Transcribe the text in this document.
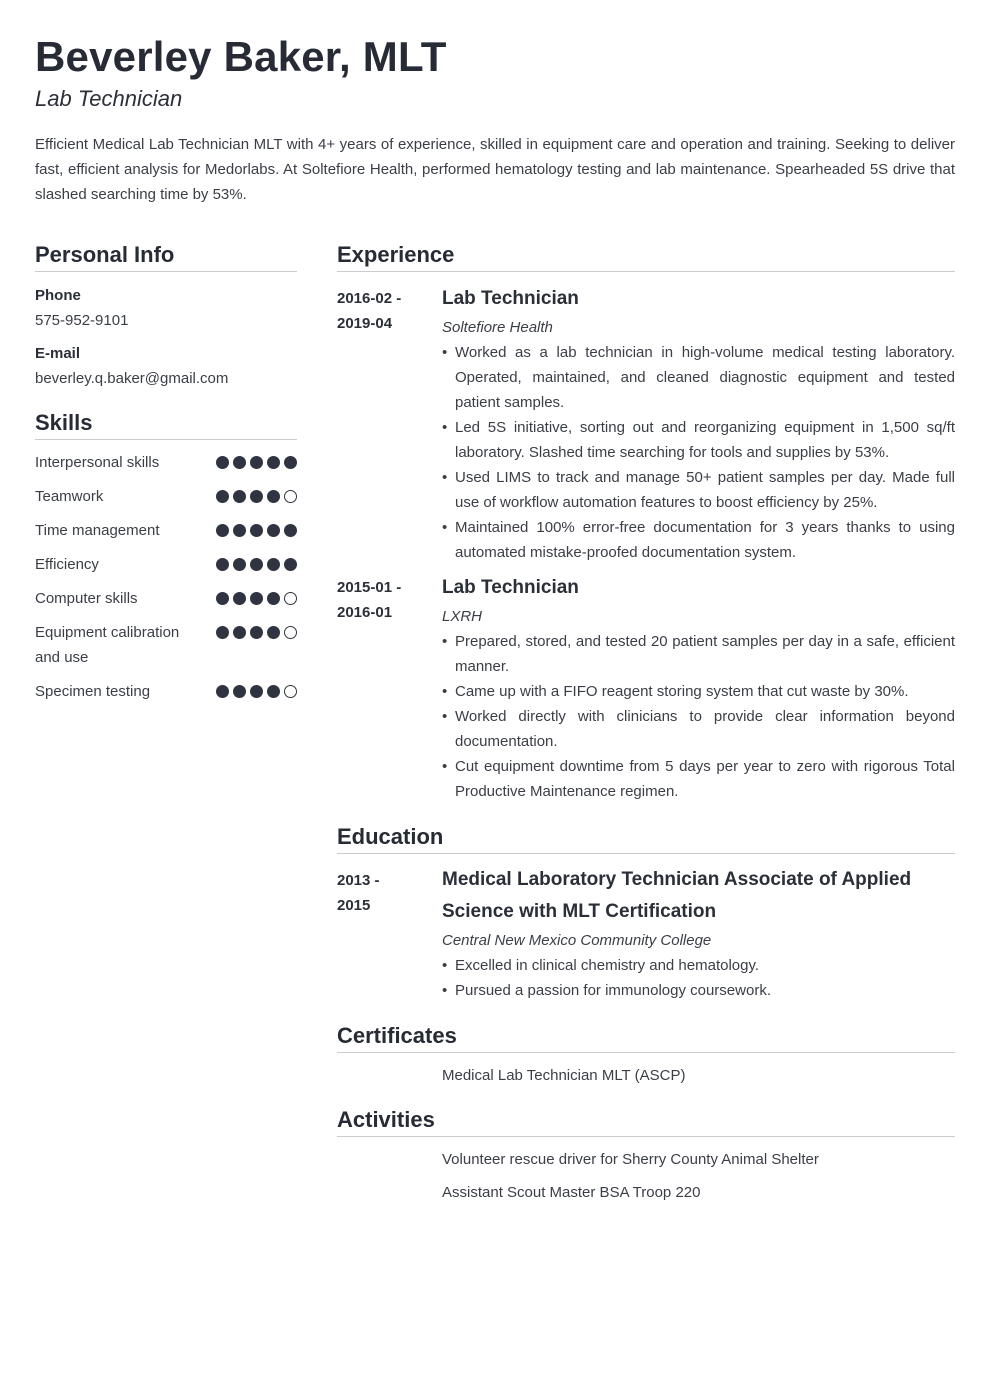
Beverley Baker, MLT
Lab Technician
Efficient Medical Lab Technician MLT with 4+ years of experience, skilled in equipment care and operation and training. Seeking to deliver fast, efficient analysis for Medorlabs. At Soltefiore Health, performed hematology testing and lab maintenance. Spearheaded 5S drive that slashed searching time by 53%.
Personal Info
Phone
575-952-9101
E-mail
beverley.q.baker@gmail.com
Skills
Interpersonal skills
Teamwork
Time management
Efficiency
Computer skills
Equipment calibration and use
Specimen testing
Experience
2016-02 -
2019-04
Lab Technician
Soltefiore Health
• Worked as a lab technician in high-volume medical testing laboratory. Operated, maintained, and cleaned diagnostic equipment and tested patient samples.
• Led 5S initiative, sorting out and reorganizing equipment in 1,500 sq/ft laboratory. Slashed time searching for tools and supplies by 53%.
• Used LIMS to track and manage 50+ patient samples per day. Made full use of workflow automation features to boost efficiency by 25%.
• Maintained 100% error-free documentation for 3 years thanks to using automated mistake-proofed documentation system.
2015-01 -
2016-01
Lab Technician
LXRH
• Prepared, stored, and tested 20 patient samples per day in a safe, efficient manner.
• Came up with a FIFO reagent storing system that cut waste by 30%.
• Worked directly with clinicians to provide clear information beyond documentation.
• Cut equipment downtime from 5 days per year to zero with rigorous Total Productive Maintenance regimen.
Education
2013 -
2015
Medical Laboratory Technician Associate of Applied Science with MLT Certification
Central New Mexico Community College
• Excelled in clinical chemistry and hematology.
• Pursued a passion for immunology coursework.
Certificates
Medical Lab Technician MLT (ASCP)
Activities
Volunteer rescue driver for Sherry County Animal Shelter
Assistant Scout Master BSA Troop 220
